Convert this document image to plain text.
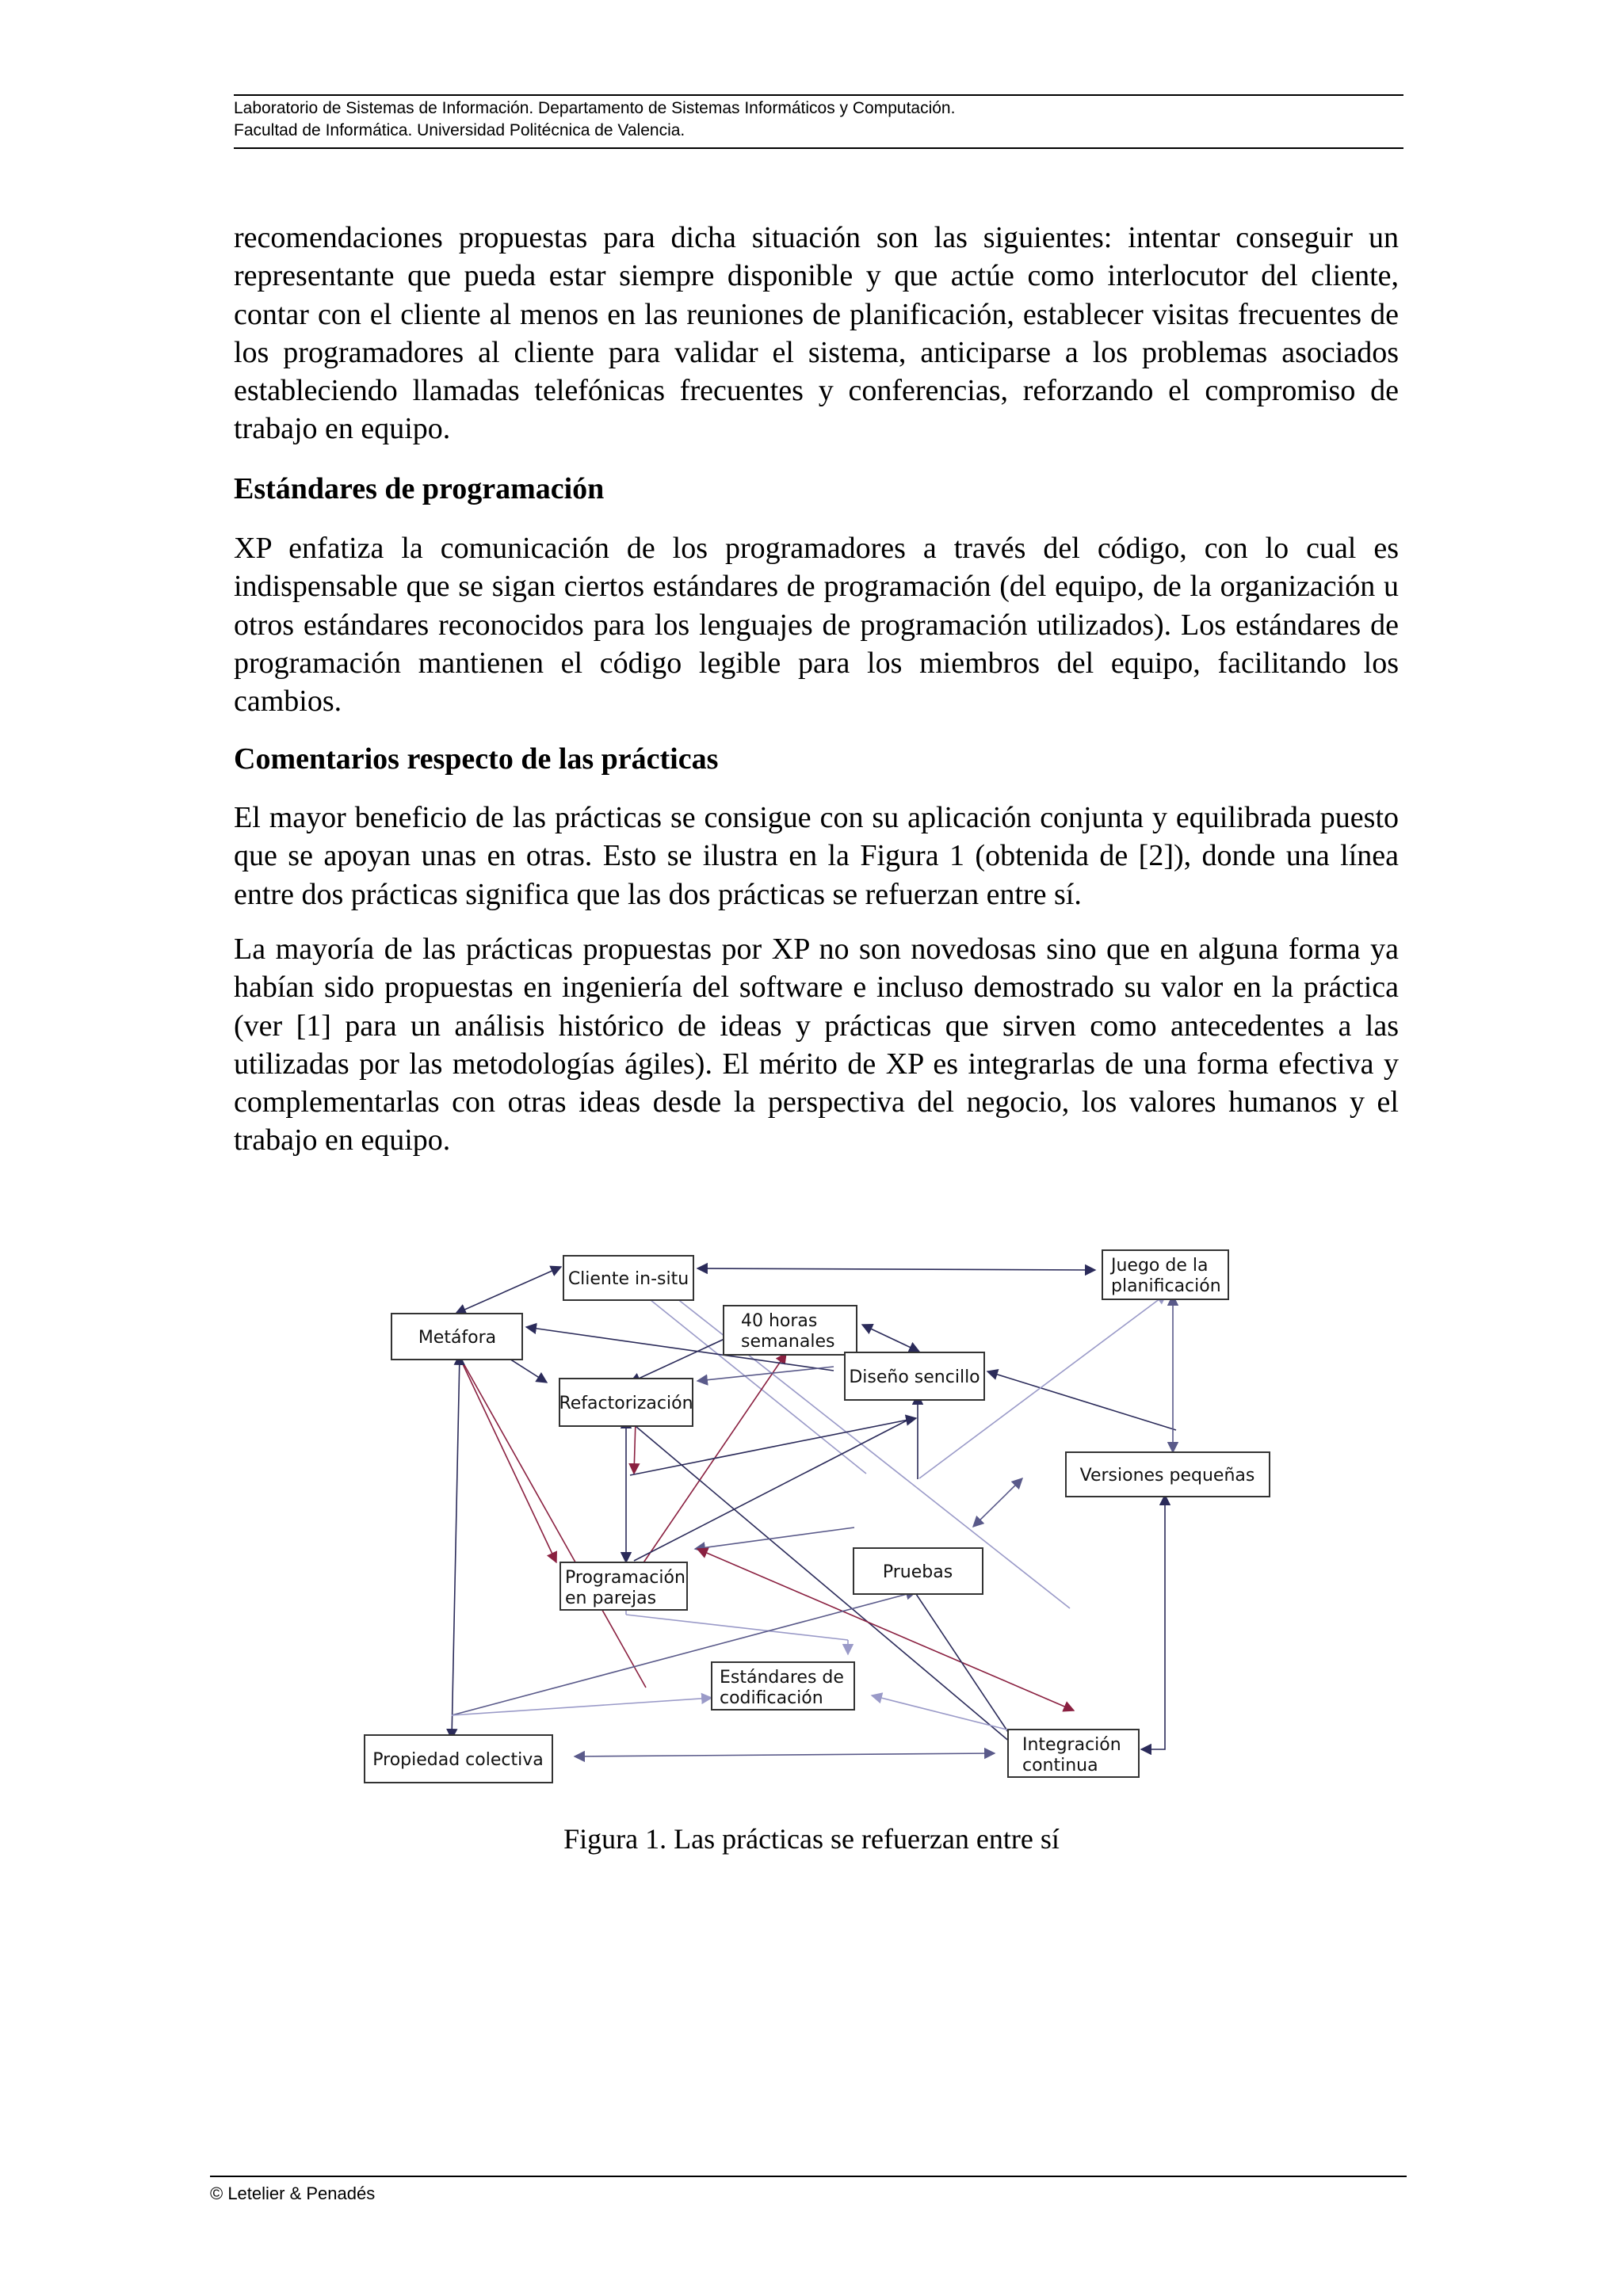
Laboratorio de Sistemas de Información. Departamento de Sistemas Informáticos y Computación.
Facultad de Informática. Universidad Politécnica de Valencia.

recomendaciones propuestas para dicha situación son las siguientes: intentar conseguir un representante que pueda estar siempre disponible y que actúe como interlocutor del cliente, contar con el cliente al menos en las reuniones de planificación, establecer visitas frecuentes de los programadores al cliente para validar el sistema, anticiparse a los problemas asociados estableciendo llamadas telefónicas frecuentes y conferencias, reforzando el compromiso de trabajo en equipo.

Estándares de programación

XP enfatiza la comunicación de los programadores a través del código, con lo cual es indispensable que se sigan ciertos estándares de programación (del equipo, de la organización u otros estándares reconocidos para los lenguajes de programación utilizados). Los estándares de programación mantienen el código legible para los miembros del equipo, facilitando los cambios.

Comentarios respecto de las prácticas

El mayor beneficio de las prácticas se consigue con su aplicación conjunta y equilibrada puesto que se apoyan unas en otras. Esto se ilustra en la Figura 1 (obtenida de [2]), donde una línea entre dos prácticas significa que las dos prácticas se refuerzan entre sí.

La mayoría de las prácticas propuestas por XP no son novedosas sino que en alguna forma ya habían sido propuestas en ingeniería del software e incluso demostrado su valor en la práctica (ver [1] para un análisis histórico de ideas y prácticas que sirven como antecedentes a las utilizadas por las metodologías ágiles). El mérito de XP es integrarlas de una forma efectiva y complementarlas con otras ideas desde la perspectiva del negocio, los valores humanos y el trabajo en equipo.

Cliente in-situ
Juego de la
planificación
40 horas
semanales
Metáfora
Refactorización
Diseño sencillo
Versiones pequeñas
Programación
en parejas
Pruebas
Estándares de
codificación
Propiedad colectiva
Integración
continua
Figura 1. Las prácticas se refuerzan entre sí
© Letelier & Penadés
